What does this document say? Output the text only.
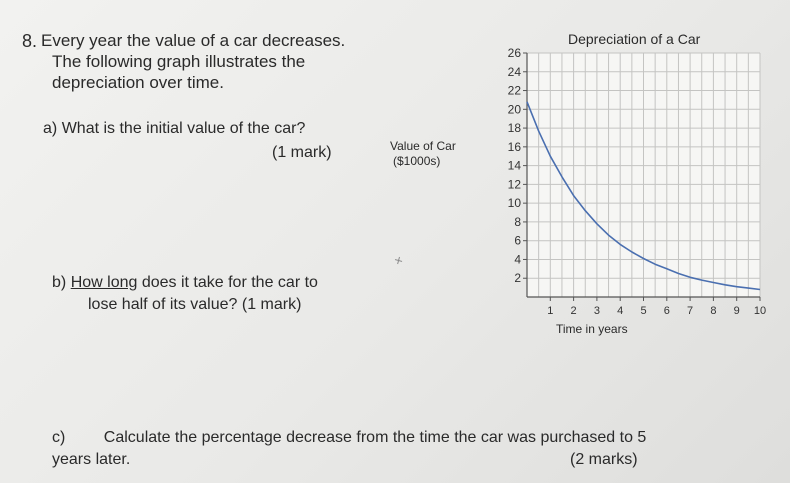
8. Every year the value of a car decreases.
The following graph illustrates the
depreciation over time.
a) What is the initial value of the car?
(1 mark)
b) How long does it take for the car to
lose half of its value? (1 mark)
c) Calculate the percentage decrease from the time the car was purchased to 5
years later.	(2 marks)
Value of Car
($1000s)
✕
Depreciation of a Car
Time in years
2
4
6
8
10
12
14
16
18
20
22
24
26
1 2 3 4 5 6 7 8 9 10
